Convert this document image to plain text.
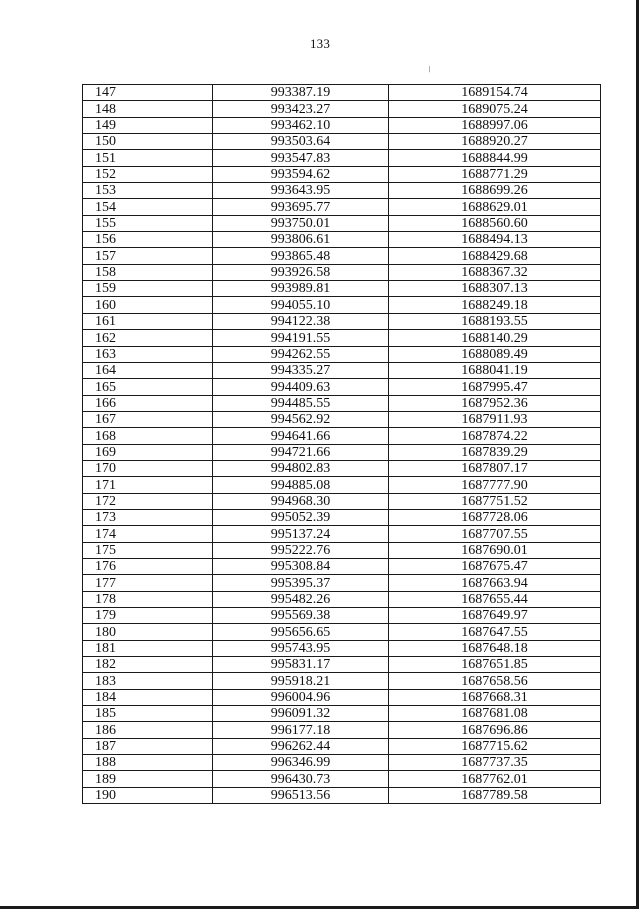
133
/
147	993387.19	1689154.74
148	993423.27	1689075.24
149	993462.10	1688997.06
150	993503.64	1688920.27
151	993547.83	1688844.99
152	993594.62	1688771.29
153	993643.95	1688699.26
154	993695.77	1688629.01
155	993750.01	1688560.60
156	993806.61	1688494.13
157	993865.48	1688429.68
158	993926.58	1688367.32
159	993989.81	1688307.13
160	994055.10	1688249.18
161	994122.38	1688193.55
162	994191.55	1688140.29
163	994262.55	1688089.49
164	994335.27	1688041.19
165	994409.63	1687995.47
166	994485.55	1687952.36
167	994562.92	1687911.93
168	994641.66	1687874.22
169	994721.66	1687839.29
170	994802.83	1687807.17
171	994885.08	1687777.90
172	994968.30	1687751.52
173	995052.39	1687728.06
174	995137.24	1687707.55
175	995222.76	1687690.01
176	995308.84	1687675.47
177	995395.37	1687663.94
178	995482.26	1687655.44
179	995569.38	1687649.97
180	995656.65	1687647.55
181	995743.95	1687648.18
182	995831.17	1687651.85
183	995918.21	1687658.56
184	996004.96	1687668.31
185	996091.32	1687681.08
186	996177.18	1687696.86
187	996262.44	1687715.62
188	996346.99	1687737.35
189	996430.73	1687762.01
190	996513.56	1687789.58
